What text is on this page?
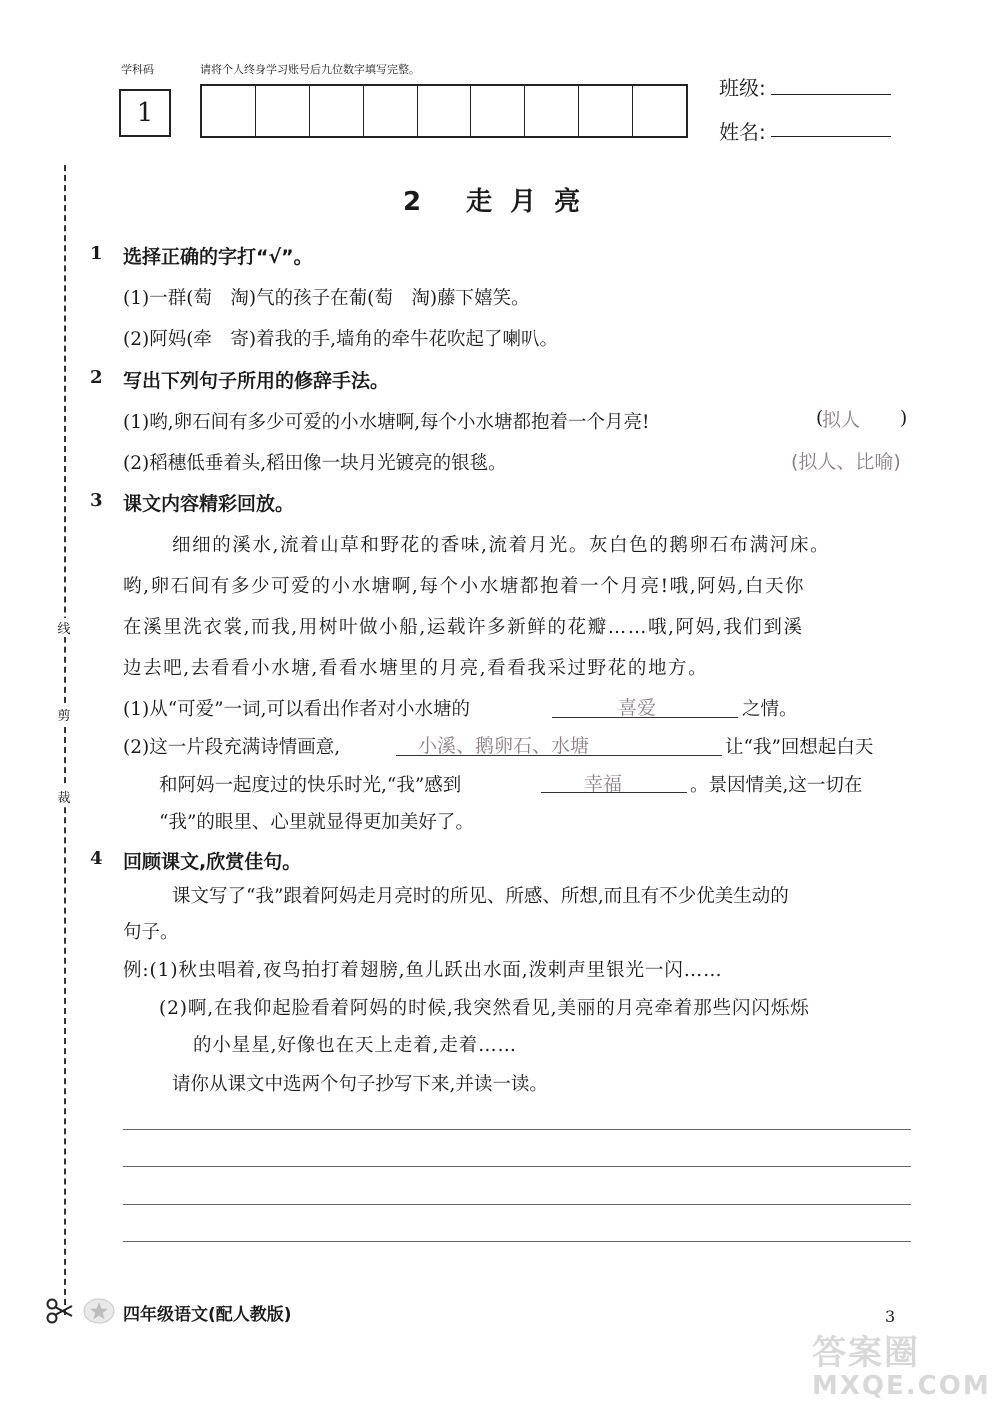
学科码	请将个人终身学习账号后九位数字填写完整。
1
班级:
姓名:
线
剪
裁
2 走月亮
1 选择正确的字打“√”。
(1)一群(萄　淘)气的孩子在葡(萄　淘)藤下嬉笑。
(2)阿妈(牵　寄)着我的手,墙角的牵牛花吹起了喇叭。
2 写出下列句子所用的修辞手法。
(1)哟,卵石间有多少可爱的小水塘啊,每个小水塘都抱着一个月亮!	(
拟人 )
(2)稻穗低垂着头,稻田像一块月光镀亮的银毯。	(拟人、比喻)
3 课文内容精彩回放。
细细的溪水,流着山草和野花的香味,流着月光。灰白色的鹅卵石布满河床。
哟,卵石间有多少可爱的小水塘啊,每个小水塘都抱着一个月亮!哦,阿妈,白天你
在溪里洗衣裳,而我,用树叶做小船,运载许多新鲜的花瓣……哦,阿妈,我们到溪
边去吧,去看看小水塘,看看水塘里的月亮,看看我采过野花的地方。
(1)从“可爱”一词,可以看出作者对小水塘的	喜爱	之情。
(2)这一片段充满诗情画意,	小溪、鹅卵石、水塘	让“我”回想起白天
和阿妈一起度过的快乐时光,“我”感到	幸福	。景因情美,这一切在
“我”的眼里、心里就显得更加美好了。
4 回顾课文,欣赏佳句。
课文写了“我”跟着阿妈走月亮时的所见、所感、所想,而且有不少优美生动的
句子。
例:(1)秋虫唱着,夜鸟拍打着翅膀,鱼儿跃出水面,泼剌声里银光一闪……
(2)啊,在我仰起脸看着阿妈的时候,我突然看见,美丽的月亮牵着那些闪闪烁烁
的小星星,好像也在天上走着,走着……
请你从课文中选两个句子抄写下来,并读一读。
四年级语文(配人教版)	3
答案圈
MXQE.COM
